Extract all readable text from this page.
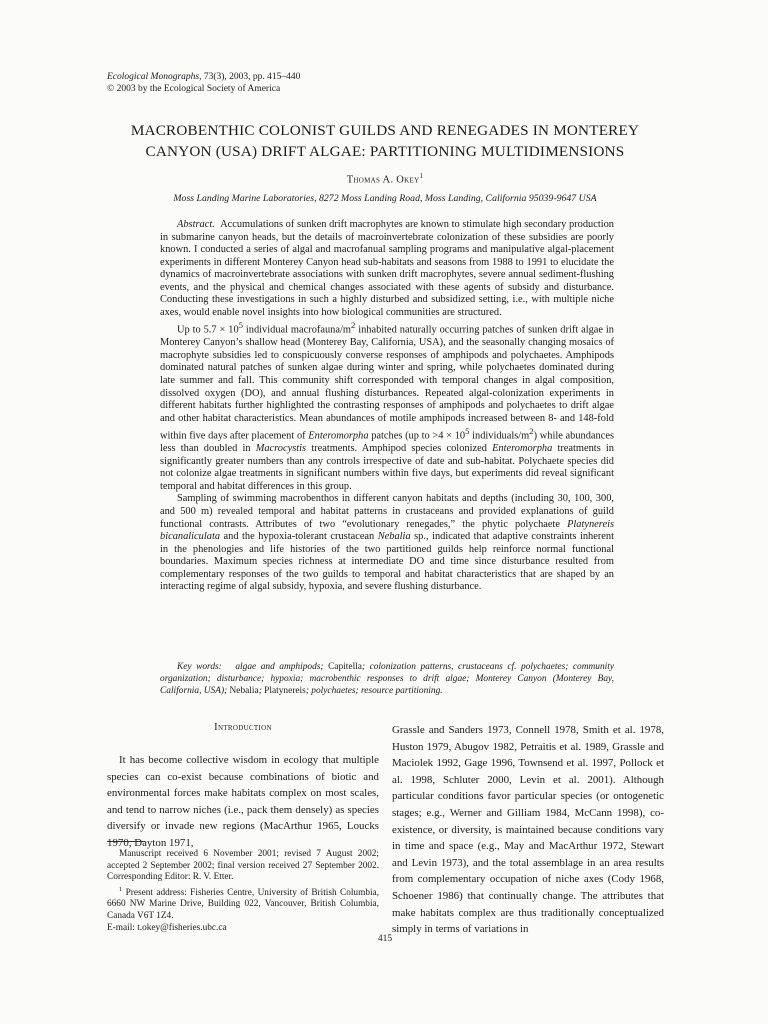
Ecological Monographs, 73(3), 2003, pp. 415–440
© 2003 by the Ecological Society of America
MACROBENTHIC COLONIST GUILDS AND RENEGADES IN MONTEREY
CANYON (USA) DRIFT ALGAE: PARTITIONING MULTIDIMENSIONS
Thomas A. Okey$^1$
Moss Landing Marine Laboratories, 8272 Moss Landing Road, Moss Landing, California 95039-9647 USA

Abstract. Accumulations of sunken drift macrophytes are known to stimulate high secondary production in submarine canyon heads, but the details of macroinvertebrate colonization of these subsidies are poorly known. I conducted a series of algal and macrofanual sampling programs and manipulative algal-placement experiments in different Monterey Canyon head sub-habitats and seasons from 1988 to 1991 to elucidate the dynamics of macroinvertebrate associations with sunken drift macrophytes, severe annual sediment-flushing events, and the physical and chemical changes associated with these agents of subsidy and disturbance. Conducting these investigations in such a highly disturbed and subsidized setting, i.e., with multiple niche axes, would enable novel insights into how biological communities are structured.

Up to $5.7 \times 10^5$ individual macrofauna/$m^2$ inhabited naturally occurring patches of sunken drift algae in Monterey Canyon’s shallow head (Monterey Bay, California, USA), and the seasonally changing mosaics of macrophyte subsidies led to conspicuously converse responses of amphipods and polychaetes. Amphipods dominated natural patches of sunken algae during winter and spring, while polychaetes dominated during late summer and fall. This community shift corresponded with temporal changes in algal composition, dissolved oxygen (DO), and annual flushing disturbances. Repeated algal-colonization experiments in different habitats further highlighted the contrasting responses of amphipods and polychaetes to drift algae and other habitat characteristics. Mean abundances of motile amphipods increased between 8- and 148-fold within five days after placement of Enteromorpha patches (up to $>4 \times 10^5$ individuals/$m^2$) while abundances less than doubled in Macrocystis treatments. Amphipod species colonized Enteromorpha treatments in significantly greater numbers than any controls irrespective of date and sub-habitat. Polychaete species did not colonize algae treatments in significant numbers within five days, but experiments did reveal significant temporal and habitat differences in this group.

Sampling of swimming macrobenthos in different canyon habitats and depths (including 30, 100, 300, and 500 m) revealed temporal and habitat patterns in crustaceans and provided explanations of guild functional contrasts. Attributes of two “evolutionary renegades,” the phytic polychaete Platynereis bicanaliculata and the hypoxia-tolerant crustacean Nebalia sp., indicated that adaptive constraints inherent in the phenologies and life histories of the two partitioned guilds help reinforce normal functional boundaries. Maximum species richness at intermediate DO and time since disturbance resulted from complementary responses of the two guilds to temporal and habitat characteristics that are shaped by an interacting regime of algal subsidy, hypoxia, and severe flushing disturbance.

Key words: algae and amphipods; Capitella; colonization patterns, crustaceans cf. polychaetes; community organization; disturbance; hypoxia; macrobenthic responses to drift algae; Monterey Canyon (Monterey Bay, California, USA); Nebalia; Platynereis; polychaetes; resource partitioning.
Introduction

It has become collective wisdom in ecology that multiple species can co-exist because combinations of biotic and environmental forces make habitats complex on most scales, and tend to narrow niches (i.e., pack them densely) as species diversify or invade new regions (MacArthur 1965, Loucks 1970, Dayton 1971,

Manuscript received 6 November 2001; revised 7 August 2002; accepted 2 September 2002; final version received 27 September 2002. Corresponding Editor: R. V. Etter.

$^1$ Present address: Fisheries Centre, University of British Columbia, 6660 NW Marine Drive, Building 022, Vancouver, British Columbia, Canada V6T 1Z4.

E-mail: t.okey@fisheries.ubc.ca

Grassle and Sanders 1973, Connell 1978, Smith et al. 1978, Huston 1979, Abugov 1982, Petraitis et al. 1989, Grassle and Maciolek 1992, Gage 1996, Townsend et al. 1997, Pollock et al. 1998, Schluter 2000, Levin et al. 2001). Although particular conditions favor particular species (or ontogenetic stages; e.g., Werner and Gilliam 1984, McCann 1998), co-existence, or diversity, is maintained because conditions vary in time and space (e.g., May and MacArthur 1972, Stewart and Levin 1973), and the total assemblage in an area results from complementary occupation of niche axes (Cody 1968, Schoener 1986) that continually change. The attributes that make habitats complex are thus traditionally conceptualized simply in terms of variations in

415
